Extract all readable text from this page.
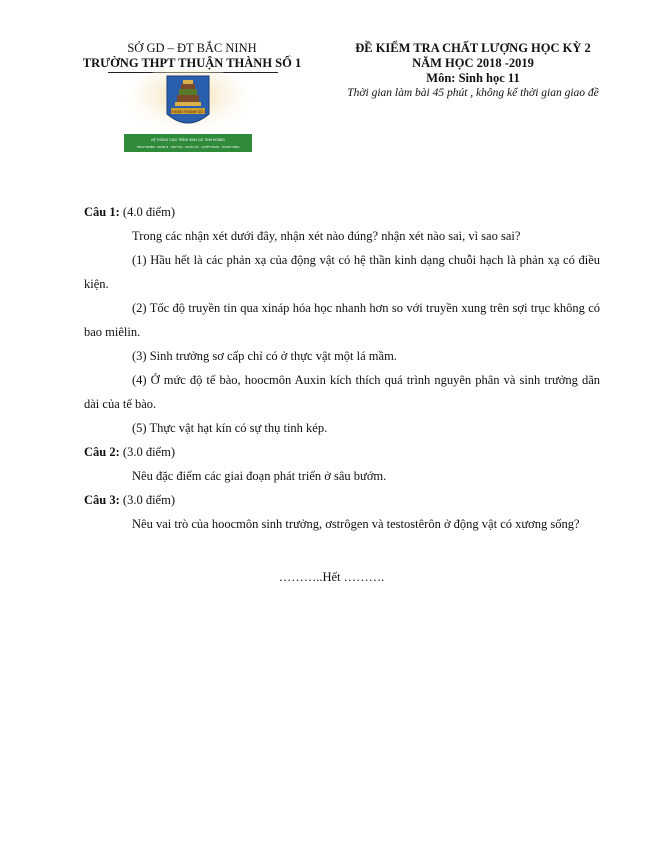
SỞ GD – ĐT BẮC NINH
TRƯỜNG THPT THUẬN THÀNH SỐ 1
THUẬN THÀNH SỐ 1
HỆ THỐNG GIÁO TRÌNH SINH CẢI TINH HOÀNG
TRÁCH NHIỆM - NHÂN ÁI - HỢP TÁC - HOÀN LỰC - QUYẾT ĐOÁN - THÀNH CÔNG
ĐỀ KIỂM TRA CHẤT LƯỢNG HỌC KỲ 2
NĂM HỌC 2018 -2019
Môn: Sinh học 11
Thời gian làm bài 45 phút , không kể thời gian giao đề

Câu 1: (4.0 điểm)

Trong các nhận xét dưới đây, nhận xét nào đúng? nhận xét nào sai, vì sao sai?

(1) Hầu hết là các phản xạ của động vật có hệ thần kinh dạng chuỗi hạch là phản xạ có điều kiện.

(2) Tốc độ truyền tin qua xináp hóa học nhanh hơn so với truyền xung trên sợi trục không có bao miêlin.

(3) Sinh trưởng sơ cấp chỉ có ở thực vật một lá mầm.

(4) Ở mức độ tế bào, hoocmôn Auxin kích thích quá trình nguyên phân và sinh trưởng dãn dài của tế bào.

(5) Thực vật hạt kín có sự thụ tinh kép.

Câu 2: (3.0 điểm)

Nêu đặc điểm các giai đoạn phát triển ở sâu bướm.

Câu 3: (3.0 điểm)

Nêu vai trò của hoocmôn sinh trưởng, ơstrôgen và testostêrôn ở động vật có xương sống?

………..Hết ……….
